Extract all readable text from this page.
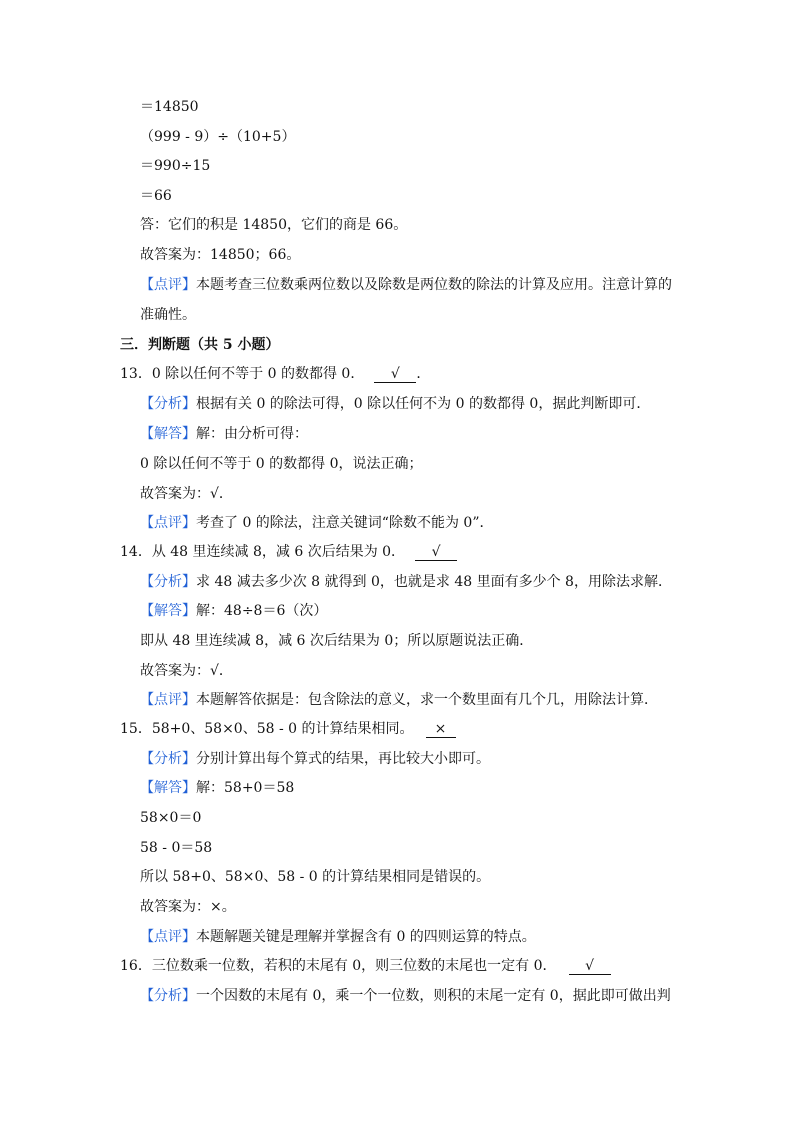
＝14850
（999 - 9）÷（10+5）
＝990÷15
＝66
答：它们的积是 14850，它们的商是 66。
故答案为：14850；66。
【点评】本题考查三位数乘两位数以及除数是两位数的除法的计算及应用。注意计算的
准确性。
三．判断题（共 5 小题）
13．0 除以任何不等于 0 的数都得 0． √ ．
【分析】根据有关 0 的除法可得，0 除以任何不为 0 的数都得 0，据此判断即可．
【解答】解：由分析可得：
0 除以任何不等于 0 的数都得 0，说法正确；
故答案为：√．
【点评】考查了 0 的除法，注意关键词“除数不能为 0”．
14．从 48 里连续减 8，减 6 次后结果为 0． √
【分析】求 48 减去多少次 8 就得到 0，也就是求 48 里面有多少个 8，用除法求解．
【解答】解：48÷8＝6（次）
即从 48 里连续减 8，减 6 次后结果为 0；所以原题说法正确．
故答案为：√．
【点评】本题解答依据是：包含除法的意义，求一个数里面有几个几，用除法计算．
15．58+0、58×0、58 - 0 的计算结果相同。 ×
【分析】分别计算出每个算式的结果，再比较大小即可。
【解答】解：58+0＝58
58×0＝0
58 - 0＝58
所以 58+0、58×0、58 - 0 的计算结果相同是错误的。
故答案为：×。
【点评】本题解题关键是理解并掌握含有 0 的四则运算的特点。
16．三位数乘一位数，若积的末尾有 0，则三位数的末尾也一定有 0． √
【分析】一个因数的末尾有 0，乘一个一位数，则积的末尾一定有 0，据此即可做出判
